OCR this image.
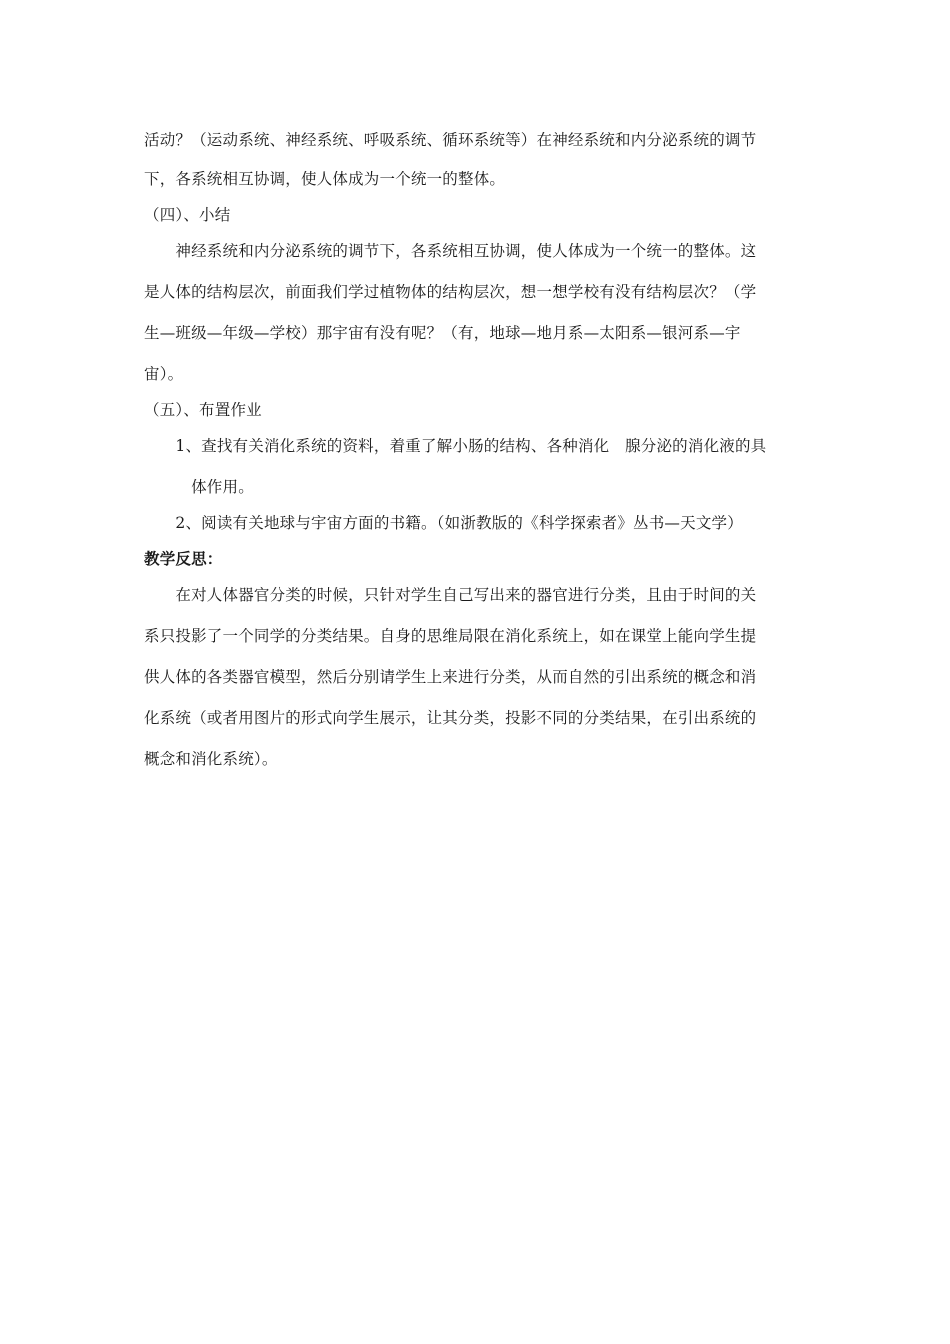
活动？（运动系统、神经系统、呼吸系统、循环系统等）在神经系统和内分泌系统的调节
下，各系统相互协调，使人体成为一个统一的整体。
（四）、小结
　　神经系统和内分泌系统的调节下，各系统相互协调，使人体成为一个统一的整体。这
是人体的结构层次，前面我们学过植物体的结构层次，想一想学校有没有结构层次？（学
生—班级—年级—学校）那宇宙有没有呢？（有，地球—地月系—太阳系—银河系—宇
宙）。
（五）、布置作业
　　1、查找有关消化系统的资料，着重了解小肠的结构、各种消化　腺分泌的消化液的具
　　　体作用。
　　2、阅读有关地球与宇宙方面的书籍。（如浙教版的《科学探索者》丛书—天文学）
教学反思：
　　在对人体器官分类的时候，只针对学生自己写出来的器官进行分类，且由于时间的关
系只投影了一个同学的分类结果。自身的思维局限在消化系统上，如在课堂上能向学生提
供人体的各类器官模型，然后分别请学生上来进行分类，从而自然的引出系统的概念和消
化系统（或者用图片的形式向学生展示，让其分类，投影不同的分类结果，在引出系统的
概念和消化系统）。
